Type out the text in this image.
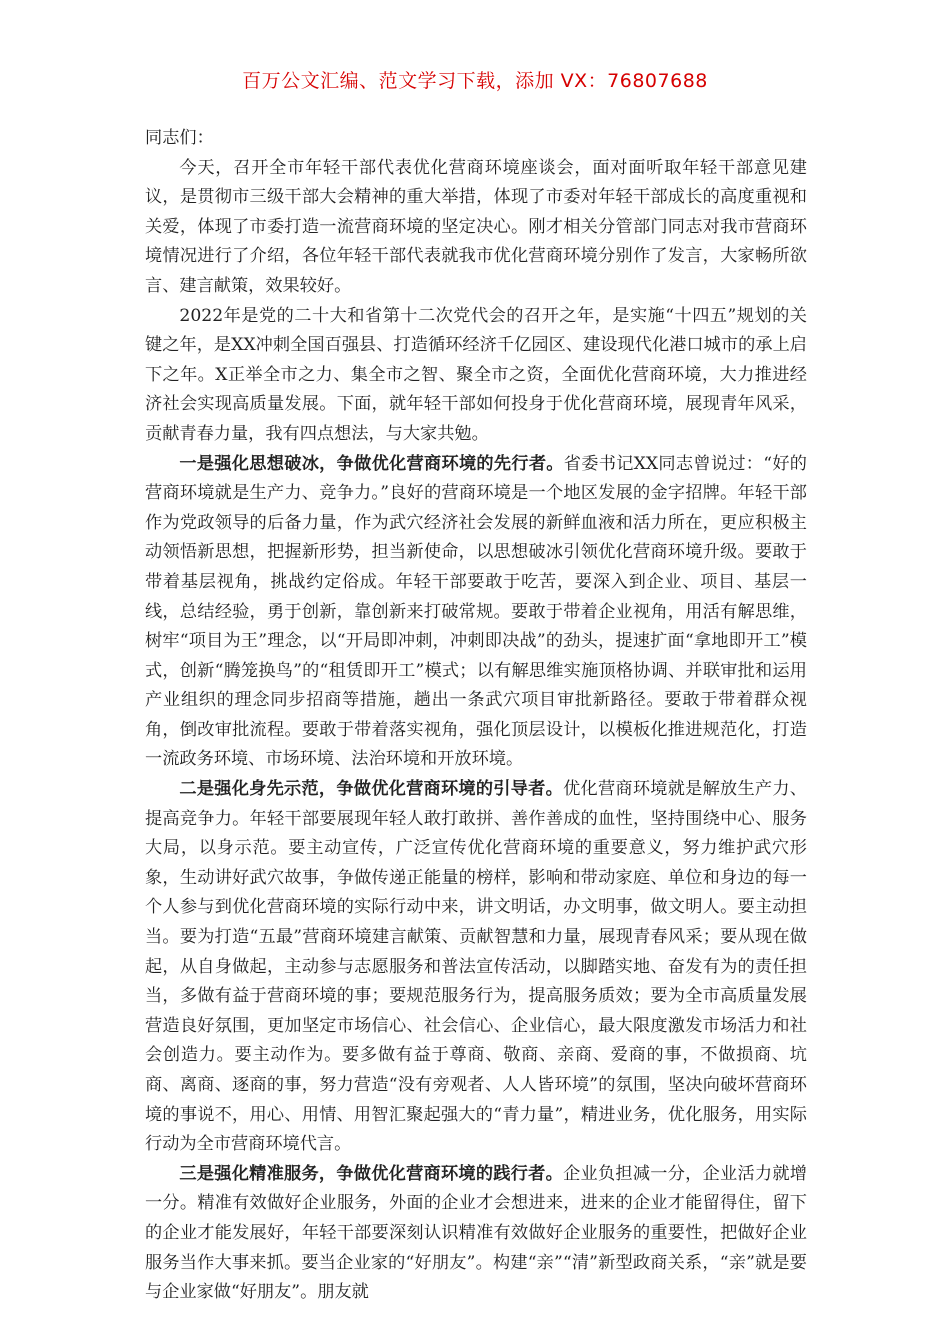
百万公文汇编、范文学习下载，添加 VX：76807688

同志们：

今天，召开全市年轻干部代表优化营商环境座谈会，面对面听取年轻干部意见建议，是贯彻市三级干部大会精神的重大举措，体现了市委对年轻干部成长的高度重视和关爱，体现了市委打造一流营商环境的坚定决心。刚才相关分管部门同志对我市营商环境情况进行了介绍，各位年轻干部代表就我市优化营商环境分别作了发言，大家畅所欲言、建言献策，效果较好。

2022年是党的二十大和省第十二次党代会的召开之年，是实施“十四五”规划的关键之年，是XX冲刺全国百强县、打造循环经济千亿园区、建设现代化港口城市的承上启下之年。X正举全市之力、集全市之智、聚全市之资，全面优化营商环境，大力推进经济社会实现高质量发展。下面，就年轻干部如何投身于优化营商环境，展现青年风采，贡献青春力量，我有四点想法，与大家共勉。

一是强化思想破冰，争做优化营商环境的先行者。省委书记XX同志曾说过：“好的营商环境就是生产力、竞争力。”良好的营商环境是一个地区发展的金字招牌。年轻干部作为党政领导的后备力量，作为武穴经济社会发展的新鲜血液和活力所在，更应积极主动领悟新思想，把握新形势，担当新使命，以思想破冰引领优化营商环境升级。要敢于带着基层视角，挑战约定俗成。年轻干部要敢于吃苦，要深入到企业、项目、基层一线，总结经验，勇于创新，靠创新来打破常规。要敢于带着企业视角，用活有解思维，树牢“项目为王”理念，以“开局即冲刺，冲刺即决战”的劲头，提速扩面“拿地即开工”模式，创新“腾笼换鸟”的“租赁即开工”模式；以有解思维实施顶格协调、并联审批和运用产业组织的理念同步招商等措施，趟出一条武穴项目审批新路径。要敢于带着群众视角，倒改审批流程。要敢于带着落实视角，强化顶层设计，以模板化推进规范化，打造一流政务环境、市场环境、法治环境和开放环境。

二是强化身先示范，争做优化营商环境的引导者。优化营商环境就是解放生产力、提高竞争力。年轻干部要展现年轻人敢打敢拼、善作善成的血性，坚持围绕中心、服务大局，以身示范。要主动宣传，广泛宣传优化营商环境的重要意义，努力维护武穴形象，生动讲好武穴故事，争做传递正能量的榜样，影响和带动家庭、单位和身边的每一个人参与到优化营商环境的实际行动中来，讲文明话，办文明事，做文明人。要主动担当。要为打造“五最”营商环境建言献策、贡献智慧和力量，展现青春风采；要从现在做起，从自身做起，主动参与志愿服务和普法宣传活动，以脚踏实地、奋发有为的责任担当，多做有益于营商环境的事；要规范服务行为，提高服务质效；要为全市高质量发展营造良好氛围，更加坚定市场信心、社会信心、企业信心，最大限度激发市场活力和社会创造力。要主动作为。要多做有益于尊商、敬商、亲商、爱商的事，不做损商、坑商、离商、逐商的事，努力营造“没有旁观者、人人皆环境”的氛围，坚决向破坏营商环境的事说不，用心、用情、用智汇聚起强大的“青力量”，精进业务，优化服务，用实际行动为全市营商环境代言。

三是强化精准服务，争做优化营商环境的践行者。企业负担减一分，企业活力就增一分。精准有效做好企业服务，外面的企业才会想进来，进来的企业才能留得住，留下的企业才能发展好，年轻干部要深刻认识精准有效做好企业服务的重要性，把做好企业服务当作大事来抓。要当企业家的“好朋友”。构建“亲”“清”新型政商关系，“亲”就是要与企业家做“好朋友”。朋友就
